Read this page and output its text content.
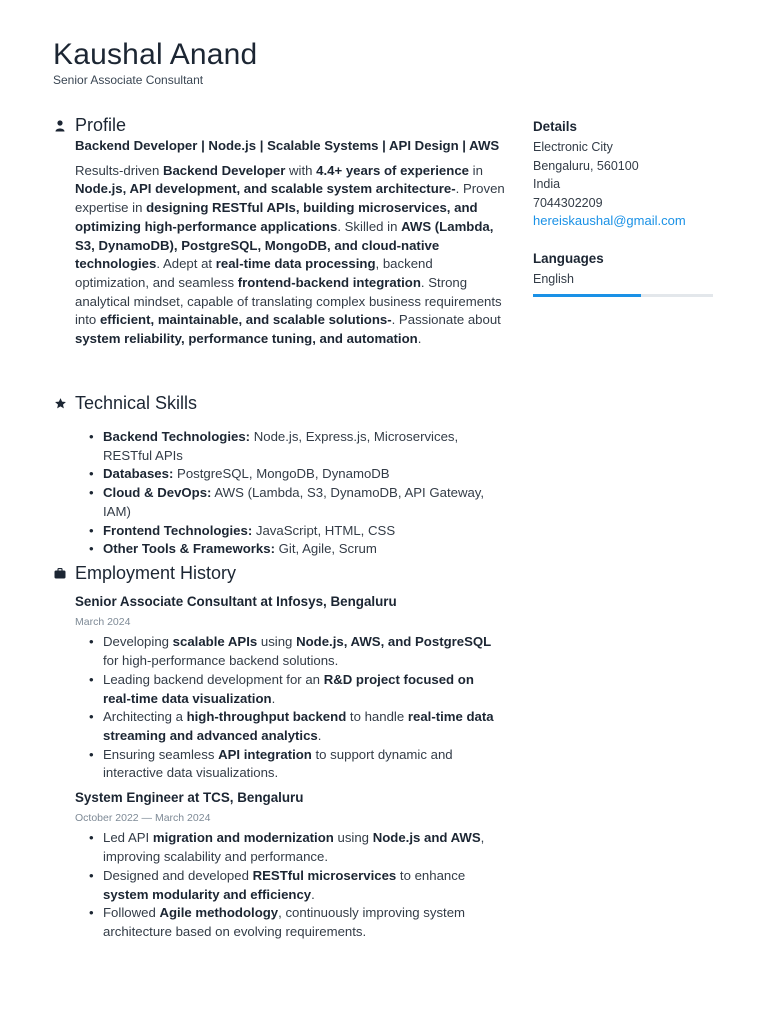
Kaushal Anand
Senior Associate Consultant
Profile
Backend Developer | Node.js | Scalable Systems | API Design | AWS
Results-driven Backend Developer with 4.4+ years of experience in Node.js, API development, and scalable system architecture-. Proven expertise in designing RESTful APIs, building microservices, and optimizing high-performance applications. Skilled in AWS (Lambda, S3, DynamoDB), PostgreSQL, MongoDB, and cloud-native technologies. Adept at real-time data processing, backend optimization, and seamless frontend-backend integration. Strong analytical mindset, capable of translating complex business requirements into efficient, maintainable, and scalable solutions-. Passionate about system reliability, performance tuning, and automation.
Technical Skills
• Backend Technologies: Node.js, Express.js, Microservices, RESTful APIs
• Databases: PostgreSQL, MongoDB, DynamoDB
• Cloud & DevOps: AWS (Lambda, S3, DynamoDB, API Gateway, IAM)
• Frontend Technologies: JavaScript, HTML, CSS
• Other Tools & Frameworks: Git, Agile, Scrum
Employment History
Senior Associate Consultant at Infosys, Bengaluru
March 2024
• Developing scalable APIs using Node.js, AWS, and PostgreSQL for high-performance backend solutions.
• Leading backend development for an R&D project focused on real-time data visualization.
• Architecting a high-throughput backend to handle real-time data streaming and advanced analytics.
• Ensuring seamless API integration to support dynamic and interactive data visualizations.
System Engineer at TCS, Bengaluru
October 2022 — March 2024
• Led API migration and modernization using Node.js and AWS, improving scalability and performance.
• Designed and developed RESTful microservices to enhance system modularity and efficiency.
• Followed Agile methodology, continuously improving system architecture based on evolving requirements.
Details
Electronic City
Bengaluru, 560100
India
7044302209
hereiskaushal@gmail.com
Languages
English
